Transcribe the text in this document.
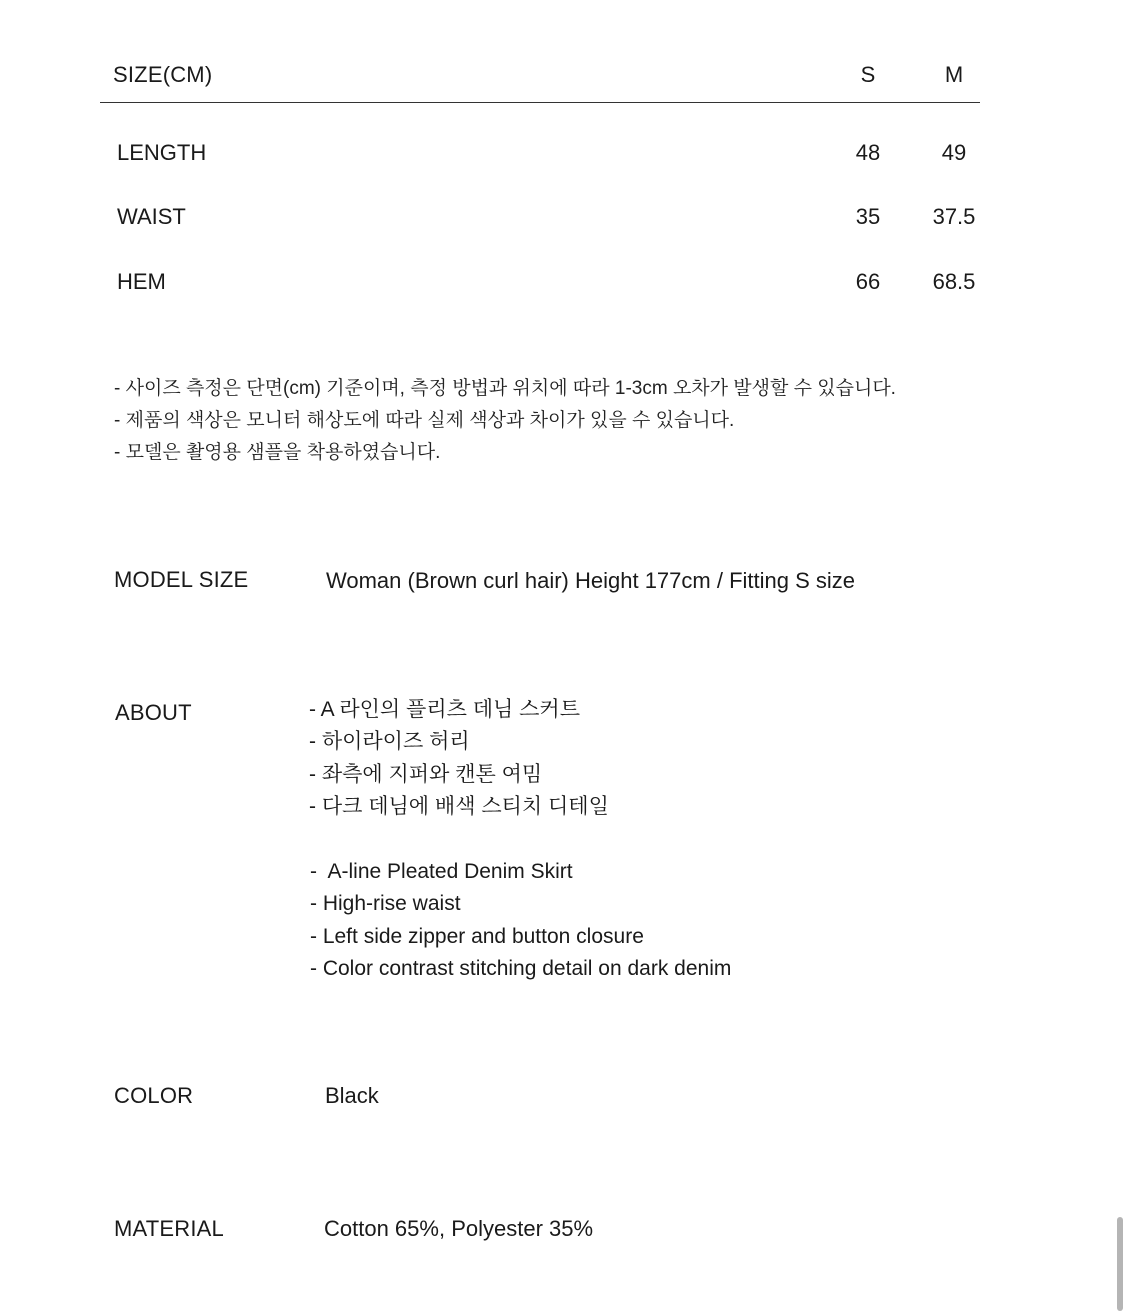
SIZE(CM)	S	M
LENGTH	48	49
WAIST	35	37.5
HEM	66	68.5
- 사이즈 측정은 단면(cm) 기준이며, 측정 방법과 위치에 따라 1-3cm 오차가 발생할 수 있습니다.
- 제품의 색상은 모니터 해상도에 따라 실제 색상과 차이가 있을 수 있습니다.
- 모델은 촬영용 샘플을 착용하였습니다.
MODEL SIZE	Woman (Brown curl hair) Height 177cm / Fitting S size
ABOUT	- A 라인의 플리츠 데님 스커트
- 하이라이즈 허리
- 좌측에 지퍼와 캔톤 여밈
- 다크 데님에 배색 스티치 디테일
-  A-line Pleated Denim Skirt
- High-rise waist
- Left side zipper and button closure
- Color contrast stitching detail on dark denim
COLOR	Black
MATERIAL	Cotton 65%, Polyester 35%
